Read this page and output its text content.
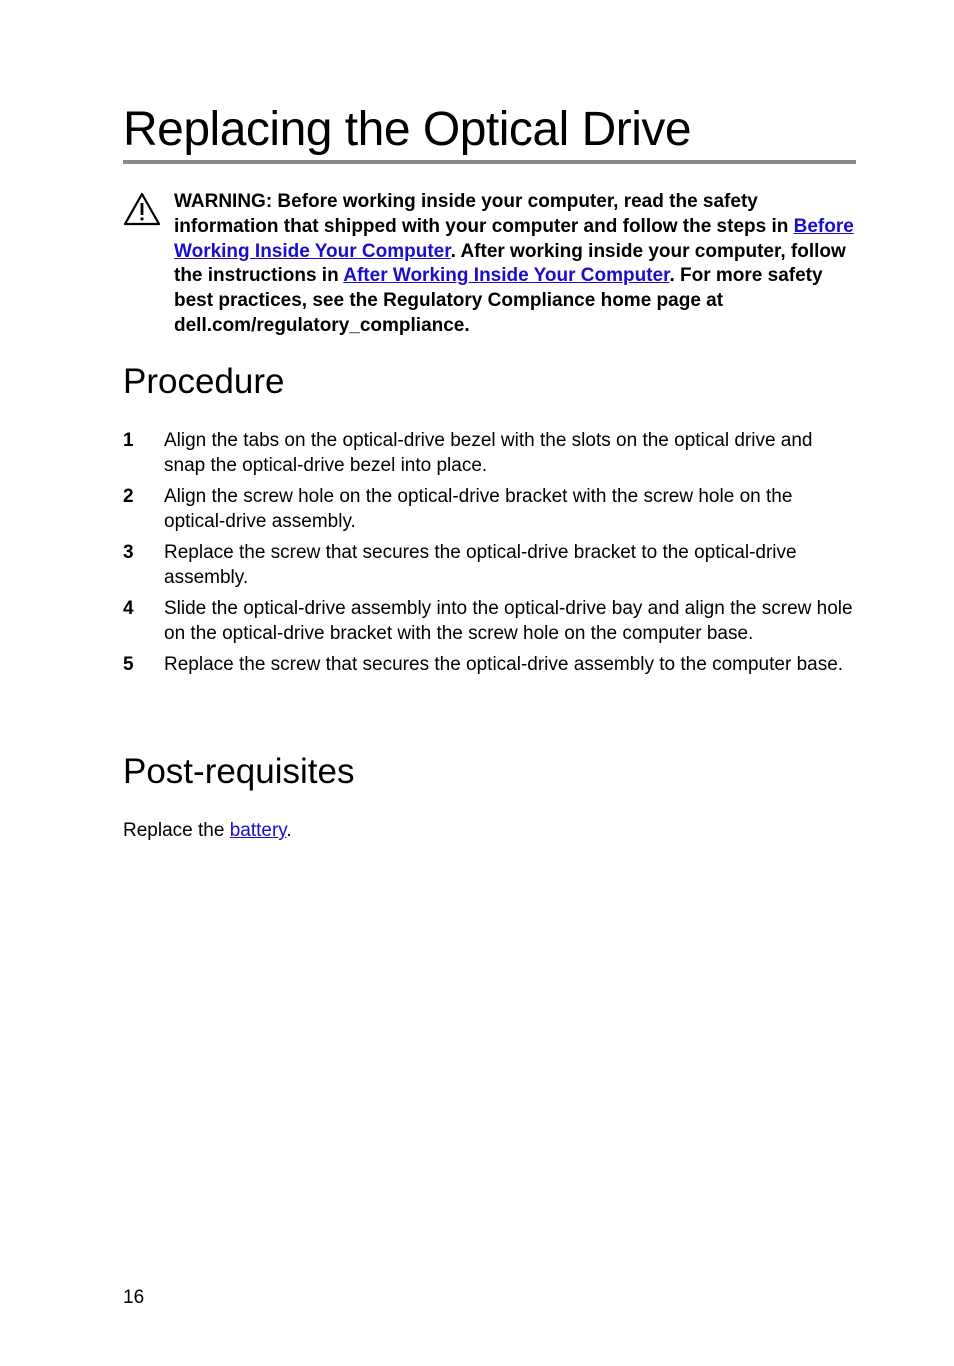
Replacing the Optical Drive
WARNING: Before working inside your computer, read the safety information that shipped with your computer and follow the steps in Before Working Inside Your Computer. After working inside your computer, follow the instructions in After Working Inside Your Computer. For more safety best practices, see the Regulatory Compliance home page at dell.com/regulatory_compliance.
Procedure
1 Align the tabs on the optical-drive bezel with the slots on the optical drive and snap the optical-drive bezel into place.
2 Align the screw hole on the optical-drive bracket with the screw hole on the optical-drive assembly.
3 Replace the screw that secures the optical-drive bracket to the optical-drive assembly.
4 Slide the optical-drive assembly into the optical-drive bay and align the screw hole on the optical-drive bracket with the screw hole on the computer base.
5 Replace the screw that secures the optical-drive assembly to the computer base.
Post-requisites
Replace the battery.
16
